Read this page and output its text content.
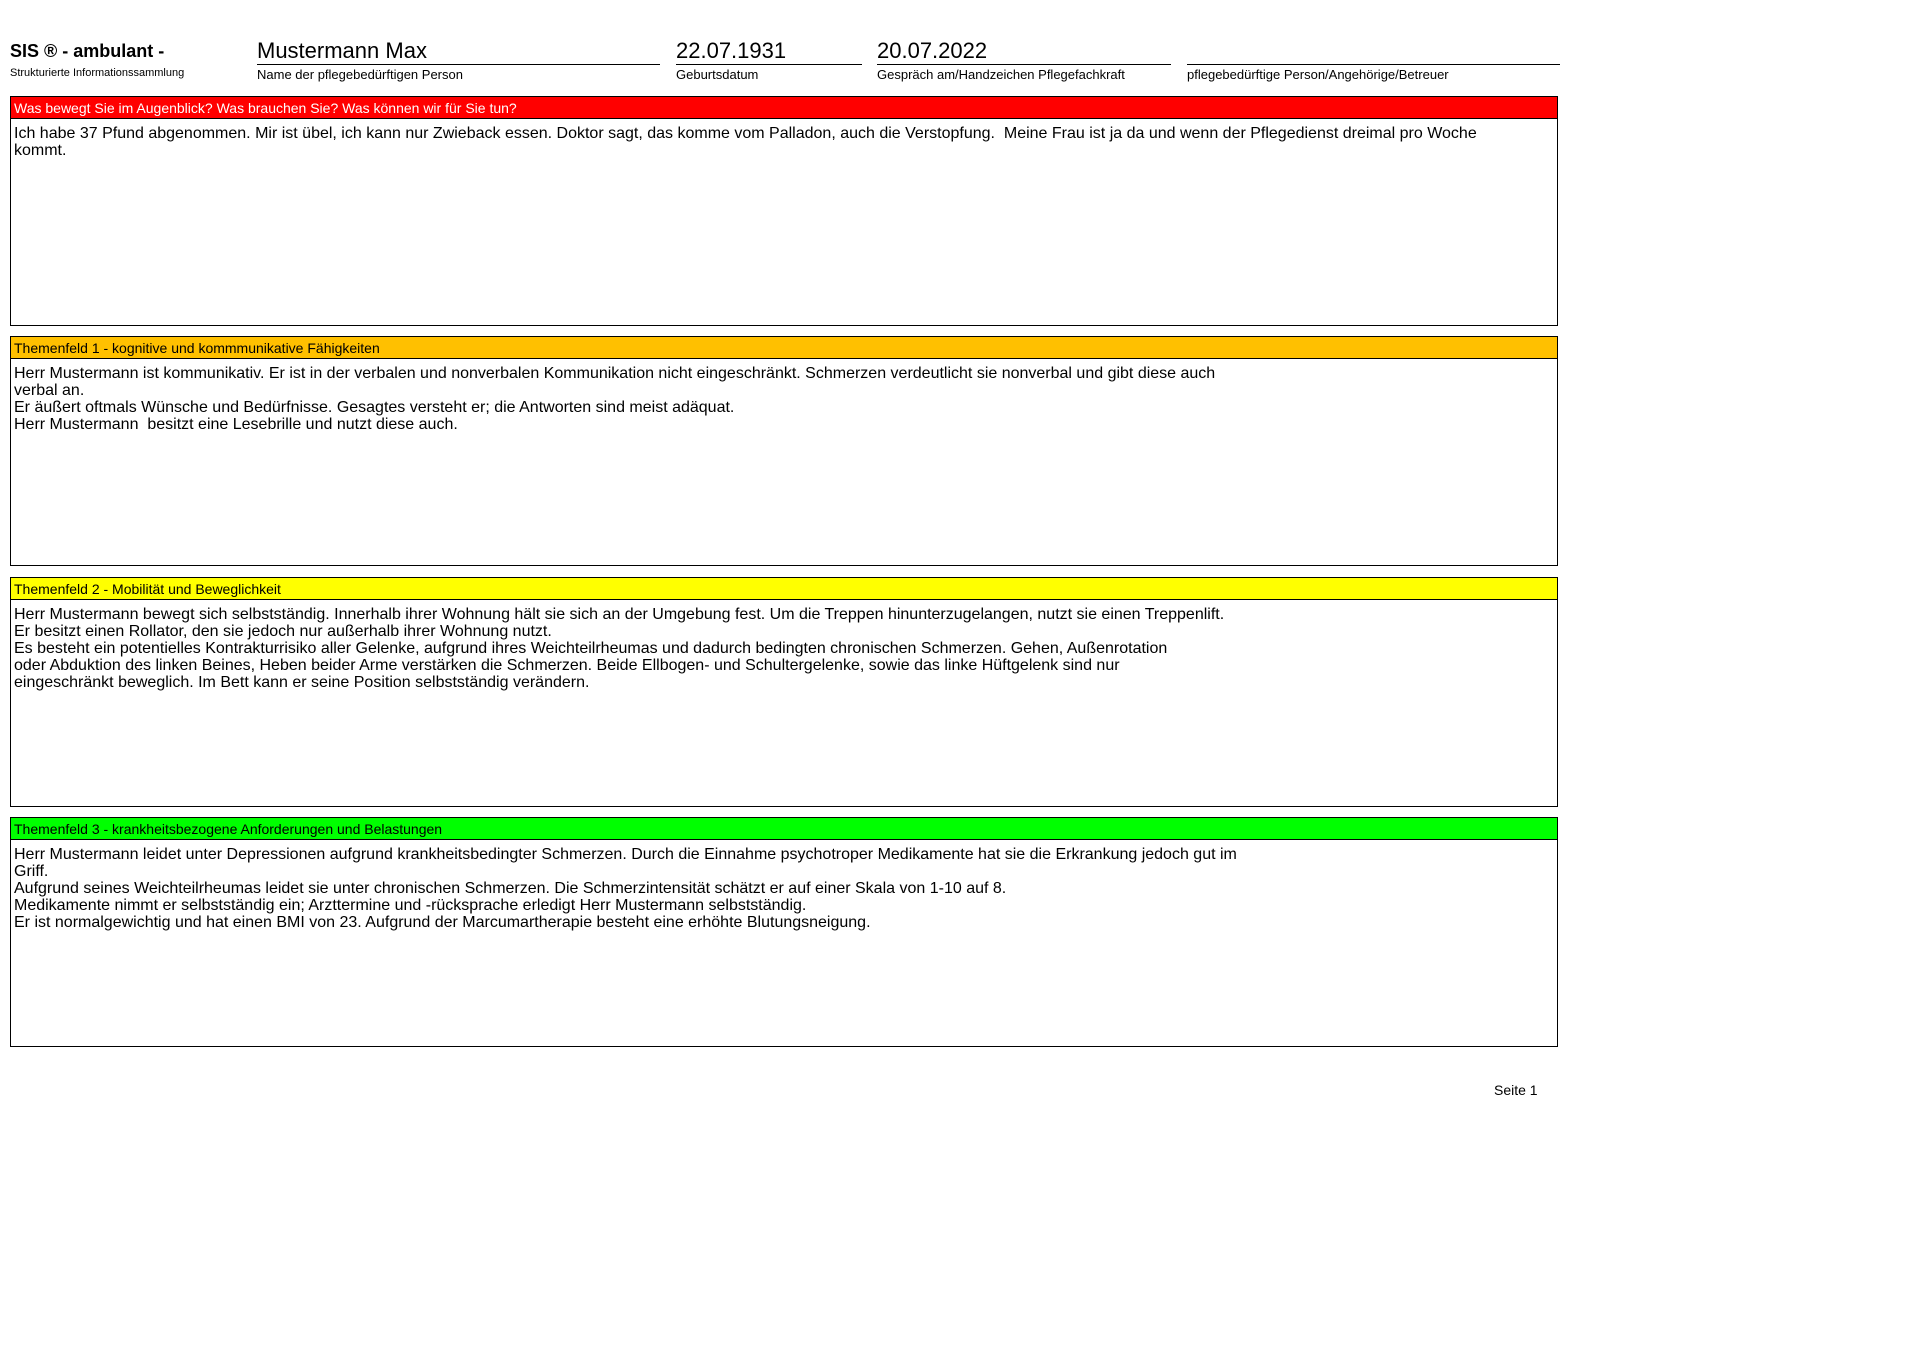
SIS ® - ambulant -
Strukturierte Informationssammlung
Mustermann Max
Name der pflegebedürftigen Person
22.07.1931
Geburtsdatum
20.07.2022
Gespräch am/Handzeichen Pflegefachkraft	pflegebedürftige Person/Angehörige/Betreuer
Was bewegt Sie im Augenblick? Was brauchen Sie? Was können wir für Sie tun?
Ich habe 37 Pfund abgenommen. Mir ist übel, ich kann nur Zwieback essen. Doktor sagt, das komme vom Palladon, auch die Verstopfung.  Meine Frau ist ja da und wenn der Pflegedienst dreimal pro Woche
kommt.
Themenfeld 1 - kognitive und kommmunikative Fähigkeiten
Herr Mustermann ist kommunikativ. Er ist in der verbalen und nonverbalen Kommunikation nicht eingeschränkt. Schmerzen verdeutlicht sie nonverbal und gibt diese auch
verbal an.
Er äußert oftmals Wünsche und Bedürfnisse. Gesagtes versteht er; die Antworten sind meist adäquat.
Herr Mustermann  besitzt eine Lesebrille und nutzt diese auch.
Themenfeld 2 - Mobilität und Beweglichkeit
Herr Mustermann bewegt sich selbstständig. Innerhalb ihrer Wohnung hält sie sich an der Umgebung fest. Um die Treppen hinunterzugelangen, nutzt sie einen Treppenlift.
Er besitzt einen Rollator, den sie jedoch nur außerhalb ihrer Wohnung nutzt.
Es besteht ein potentielles Kontrakturrisiko aller Gelenke, aufgrund ihres Weichteilrheumas und dadurch bedingten chronischen Schmerzen. Gehen, Außenrotation
oder Abduktion des linken Beines, Heben beider Arme verstärken die Schmerzen. Beide Ellbogen- und Schultergelenke, sowie das linke Hüftgelenk sind nur
eingeschränkt beweglich. Im Bett kann er seine Position selbstständig verändern.
Themenfeld 3 - krankheitsbezogene Anforderungen und Belastungen
Herr Mustermann leidet unter Depressionen aufgrund krankheitsbedingter Schmerzen. Durch die Einnahme psychotroper Medikamente hat sie die Erkrankung jedoch gut im
Griff.
Aufgrund seines Weichteilrheumas leidet sie unter chronischen Schmerzen. Die Schmerzintensität schätzt er auf einer Skala von 1-10 auf 8.
Medikamente nimmt er selbstständig ein; Arzttermine und -rücksprache erledigt Herr Mustermann selbstständig.
Er ist normalgewichtig und hat einen BMI von 23. Aufgrund der Marcumartherapie besteht eine erhöhte Blutungsneigung.
Seite 1
